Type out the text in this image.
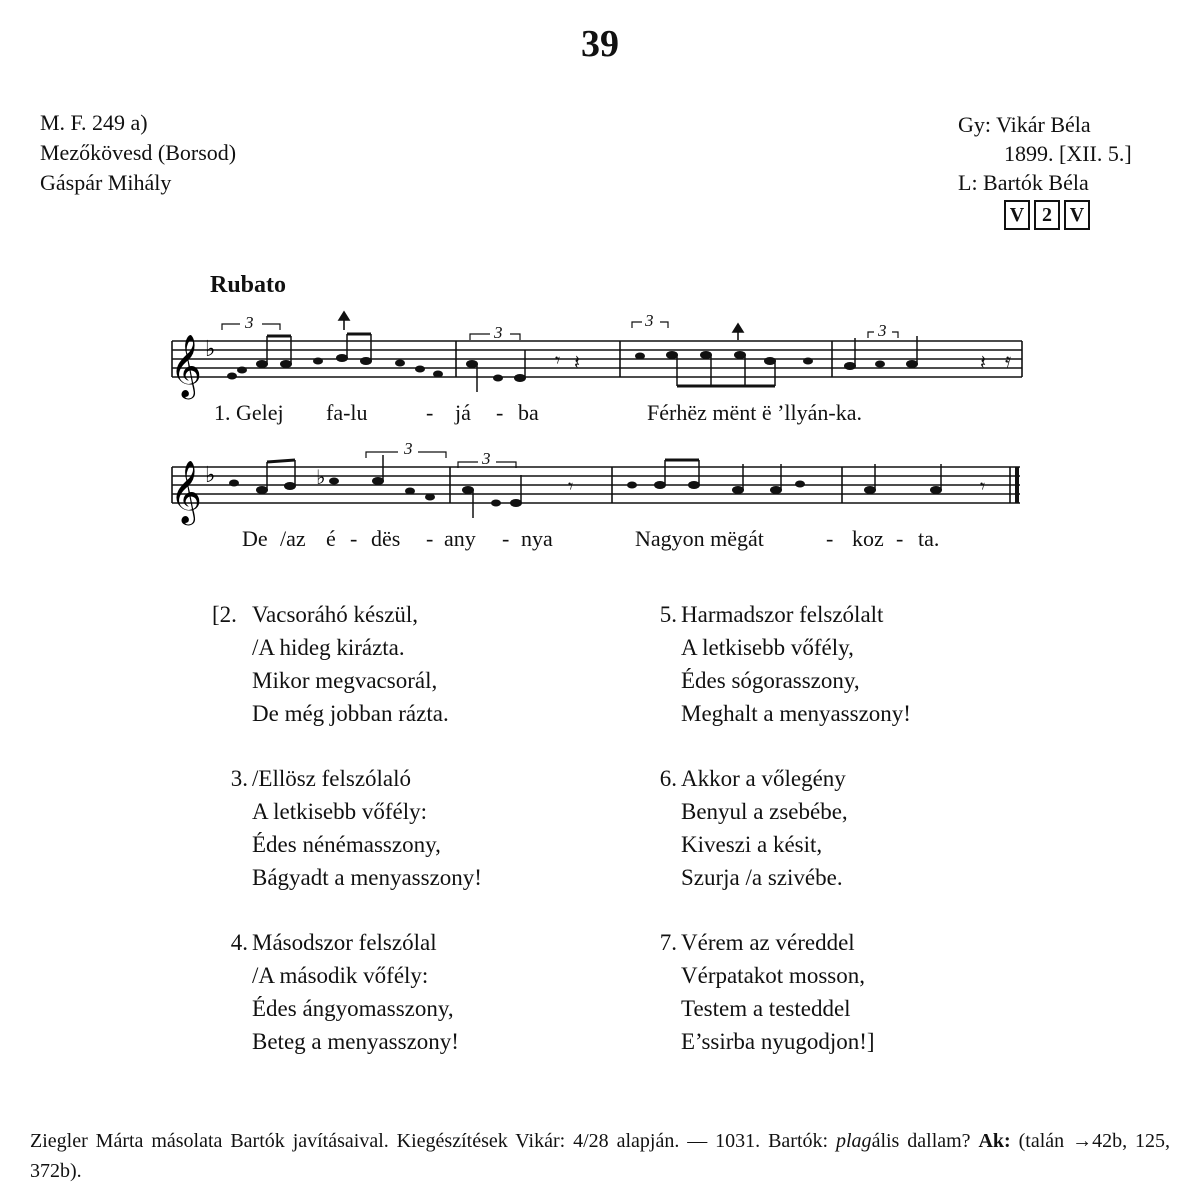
39
M. F. 249 a)
Mezőkövesd (Borsod)
Gáspár Mihály
Gy: Vikár Béla
1899. [XII. 5.]
L: Bartók Béla
V 2 V
Rubato
𝄞 ♭
3
3
3
3
𝄾 𝄽	𝄽 𝄿
𝄞 ♭	♭
3
3
𝄾	𝄾
1. Gelej fa-lu	- já - ba	Férhëz mënt ë ’llyán-ka.
De /az é - dës - any - nya	Nagyon mëgát	- koz - ta.
[2. Vacsoráhó készül,
/A hideg kirázta.
Mikor megvacsorál,
De még jobban rázta.
3. /Ellösz felszólaló
A letkisebb vőfély:
Édes nénémasszony,
Bágyadt a menyasszony!
4. Másodszor felszólal
/A második vőfély:
Édes ángyomasszony,
Beteg a menyasszony!
5. Harmadszor felszólalt
A letkisebb vőfély,
Édes sógorasszony,
Meghalt a menyasszony!
6. Akkor a vőlegény
Benyul a zsebébe,
Kiveszi a késit,
Szurja /a szivébe.
7. Vérem az véreddel
Vérpatakot mosson,
Testem a testeddel
E’ssirba nyugodjon!]
Ziegler Márta másolata Bartók javításaival. Kiegészítések Vikár: 4/28 alapján. — 1031. Bartók: plagális dallam? Ak: (talán →42b, 125, 372b).
